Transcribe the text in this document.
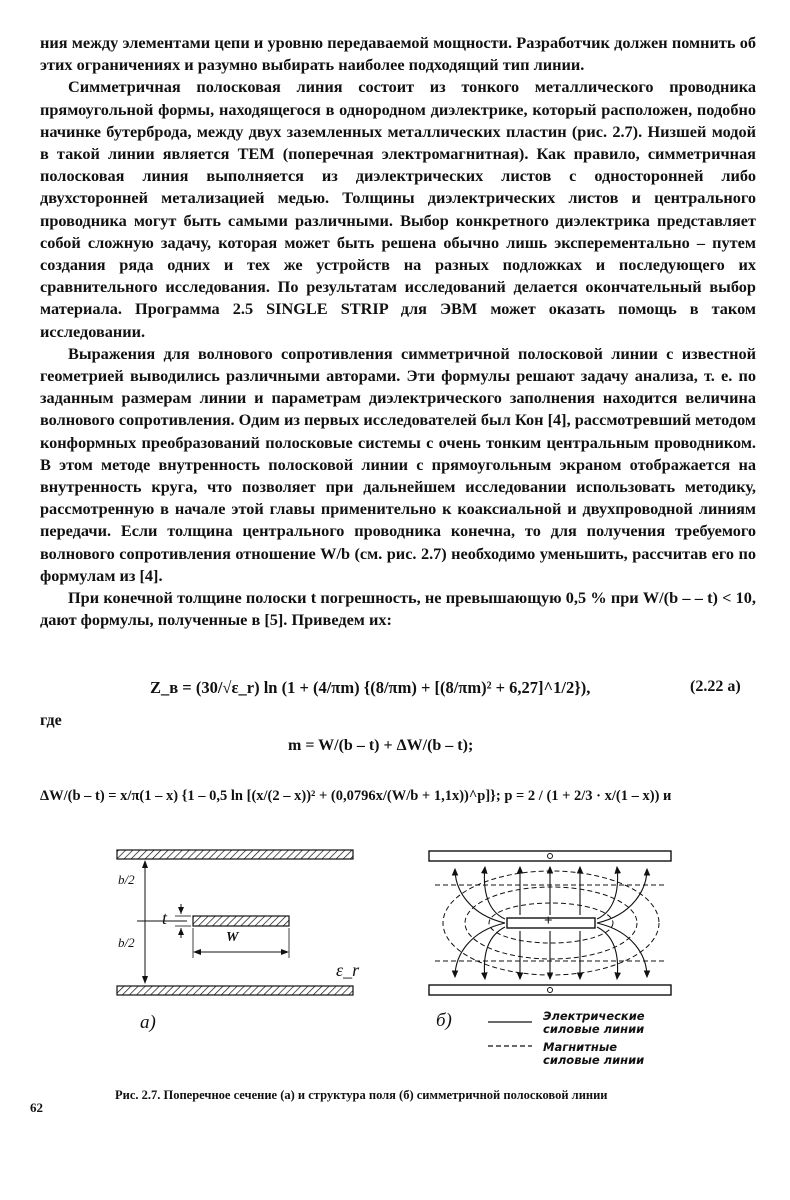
ния между элементами цепи и уровню передаваемой мощности. Разработчик должен помнить об этих ограничениях и разумно выбирать наиболее подходящий тип линии.

Симметричная полосковая линия состоит из тонкого металлического проводника прямоугольной формы, находящегося в однородном диэлектрике, который расположен, подобно начинке бутерброда, между двух заземленных металлических пластин (рис. 2.7). Низшей модой в такой линии является ТЕМ (поперечная электромагнитная). Как правило, симметричная полосковая линия выполняется из диэлектрических листов с односторонней либо двухсторонней метализацией медью. Толщины диэлектрических листов и центрального проводника могут быть самыми различными. Выбор конкретного диэлектрика представляет собой сложную задачу, которая может быть решена обычно лишь эксперементально – путем создания ряда одних и тех же устройств на разных подложках и последующего их сравнительного исследования. По результатам исследований делается окончательный выбор материала. Программа 2.5 SINGLE STRIP для ЭВМ может оказать помощь в таком исследовании.

Выражения для волнового сопротивления симметричной полосковой линии с известной геометрией выводились различными авторами. Эти формулы решают задачу анализа, т. е. по заданным размерам линии и параметрам диэлектрического заполнения находится величина волнового сопротивления. Одим из первых исследователей был Кон [4], рассмотревший методом конформных преобразований полосковые системы с очень тонким центральным проводником. В этом методе внутренность полосковой линии с прямоугольным экраном отображается на внутренность круга, что позволяет при дальнейшем исследовании использовать методику, рассмотренную в начале этой главы применительно к коаксиальной и двухпроводной линиям передачи. Если толщина центрального проводника конечна, то для получения требуемого волнового сопротивления отношение W/b (см. рис. 2.7) необходимо уменьшить, рассчитав его по формулам из [4].

При конечной толщине полоски t погрешность, не превышающую 0,5 % при W/(b – – t) < 10, дают формулы, полученные в [5]. Приведем их:

Z_в = (30/√ε_r) ln (1 + (4/πm) {(8/πm) + [(8/πm)² + 6,27]^1/2}),	(2.22 a)
где
m = W/(b – t) + ΔW/(b – t);
ΔW/(b – t) = x/π(1 – x) {1 – 0,5 ln [(x/(2 – x))² + (0,0796x/(W/b + 1,1x))^p]}; p = 2 / (1 + 2/3 · x/(1 – x)) и
b/2
b/2
t
W
ε_r
а)
+
б)	Электрические силовые линии
Магнитные силовые линии
Рис. 2.7. Поперечное сечение (а) и структура поля (б) симметричной полосковой линии
62
